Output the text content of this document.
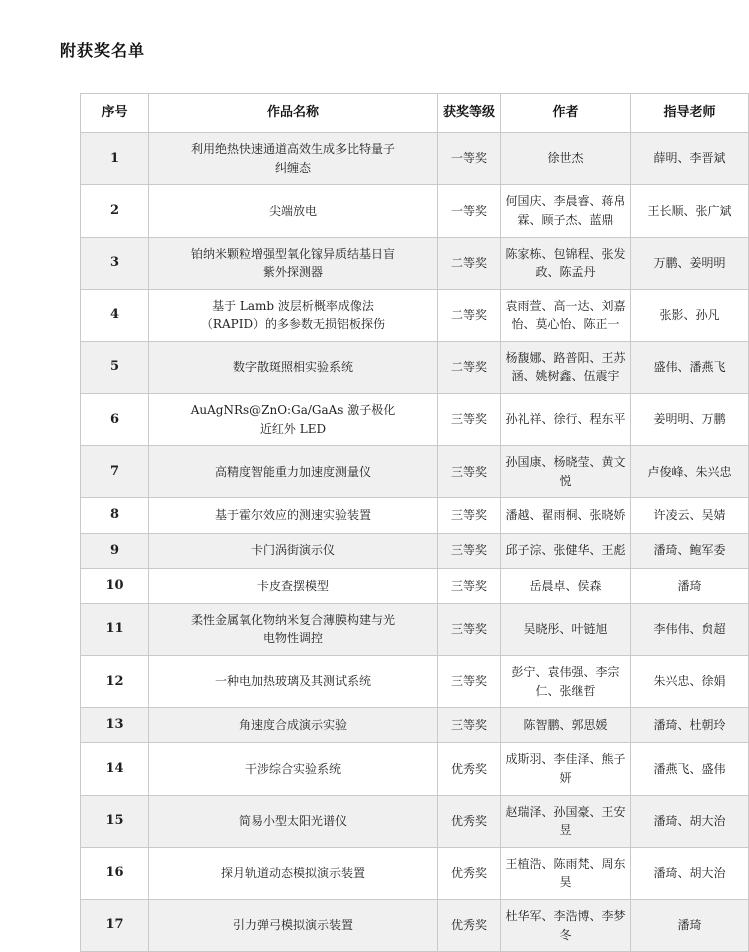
附获奖名单
序号	作品名称	获奖等级	作者	指导老师
1	利用绝热快速通道高效生成多比特量子纠缠态	一等奖	徐世杰	薛明、李晋斌
2	尖端放电	一等奖	何国庆、李晨睿、蒋帛霖、顾子杰、蓝鼎	王长顺、张广斌
3	铂纳米颗粒增强型氧化镓异质结基日盲紫外探测器	二等奖	陈家栋、包锦程、张发政、陈孟丹	万鹏、姜明明
4	基于 Lamb 波层析概率成像法（RAPID）的多参数无损铝板探伤	二等奖	袁雨萱、高一达、刘嘉怡、莫心怡、陈正一	张影、孙凡
5	数字散斑照相实验系统	二等奖	杨馥娜、路普阳、王苏涵、姚树鑫、伍震宇	盛伟、潘燕飞
6	AuAgNRs@ZnO:Ga/GaAs 激子极化近红外 LED	三等奖	孙礼祥、徐行、程东平	姜明明、万鹏
7	高精度智能重力加速度测量仪	三等奖	孙国康、杨晓莹、黄文悦	卢俊峰、朱兴忠
8	基于霍尔效应的测速实验装置	三等奖	潘越、翟雨桐、张晓娇	许凌云、吴婧
9	卡门涡街演示仪	三等奖	邱子淙、张健华、王彪	潘琦、鲍军委
10	卡皮查摆模型	三等奖	岳晨卓、侯森	潘琦
11	柔性金属氧化物纳米复合薄膜构建与光电物性调控	三等奖	吴晓彤、叶链旭	李伟伟、贠超
12	一种电加热玻璃及其测试系统	三等奖	彭宁、袁伟强、李宗仁、张继哲	朱兴忠、徐娟
13	角速度合成演示实验	三等奖	陈智鹏、郭思媛	潘琦、杜朝玲
14	干涉综合实验系统	优秀奖	成斯羽、李佳泽、熊子妍	潘燕飞、盛伟
15	简易小型太阳光谱仪	优秀奖	赵瑞泽、孙国豪、王安昱	潘琦、胡大治
16	探月轨道动态模拟演示装置	优秀奖	王植浩、陈雨梵、周东昊	潘琦、胡大治
17	引力弹弓模拟演示装置	优秀奖	杜华军、李浩博、李梦冬	潘琦
